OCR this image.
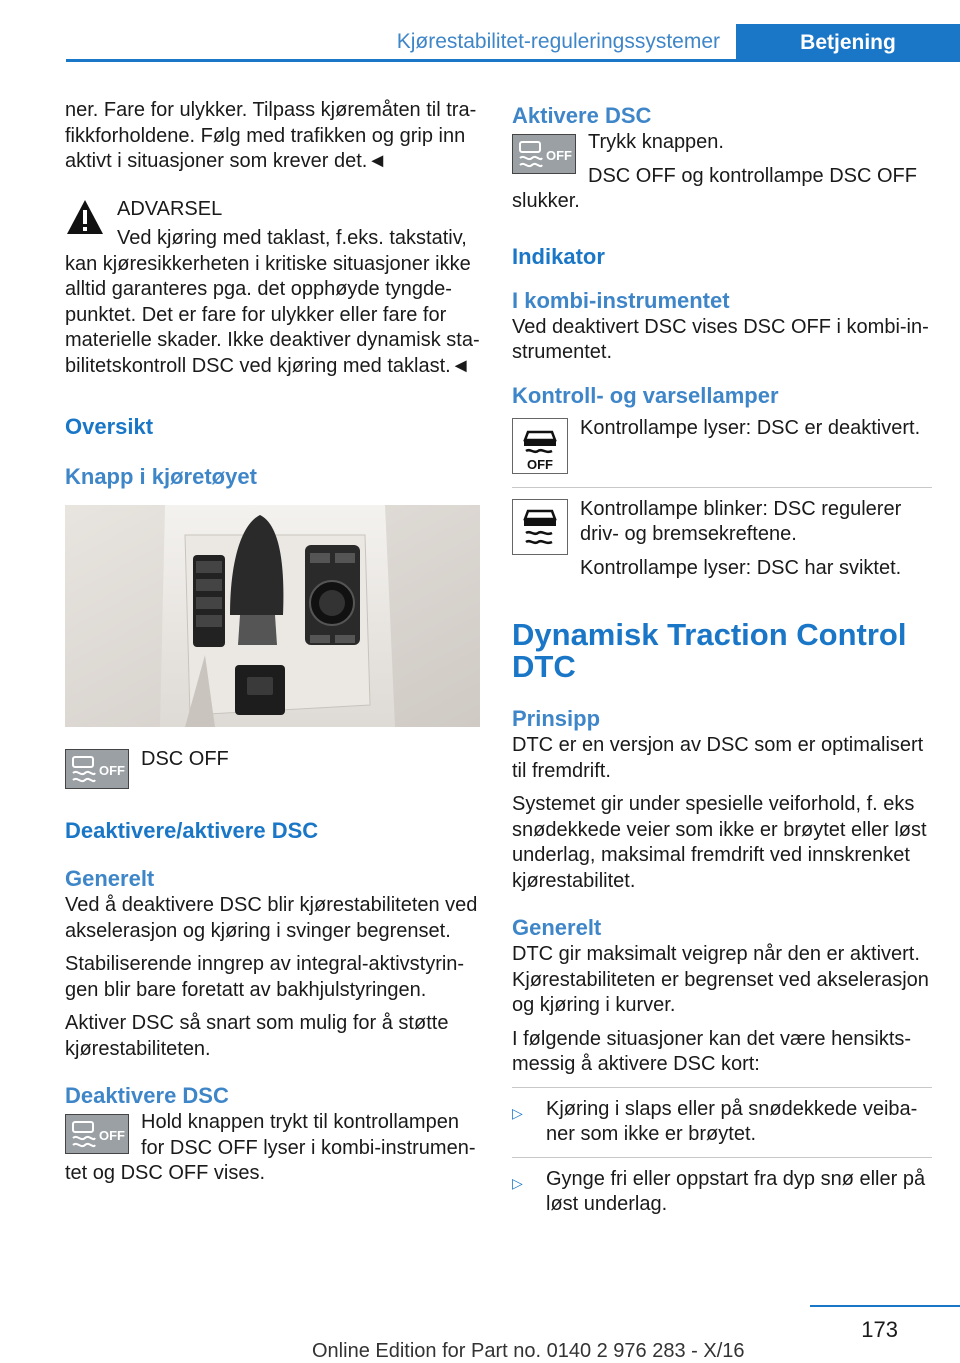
Kjørestabilitet-reguleringssystemer	Betjening

ner. Fare for ulykker. Tilpass kjøremåten til tra‐fikkforholdene. Følg med trafikken og grip inn aktivt i situasjoner som krever det.◄

ADVARSEL

Ved kjøring med taklast, f.eks. takstativ, kan kjøresikkerheten i kritiske situasjoner ikke alltid garanteres pga. det opphøyde tyngde‐punktet. Det er fare for ulykker eller fare for materielle skader. Ikke deaktiver dynamisk sta‐bilitetskontroll DSC ved kjøring med taklast.◄

Oversikt
Knapp i kjøretøyet
OFF

DSC OFF

Deaktivere/aktivere DSC
Generelt

Ved å deaktivere DSC blir kjørestabiliteten ved akselerasjon og kjøring i svinger begrenset.

Stabiliserende inngrep av integral-aktivstyrin‐gen blir bare foretatt av bakhjulstyringen.

Aktiver DSC så snart som mulig for å støtte kjørestabiliteten.

Deaktivere DSC
OFF

Hold knappen trykt til kontrollampen for DSC OFF lyser i kombi-instrumen‐tet og DSC OFF vises.

Aktivere DSC
OFF

Trykk knappen.

DSC OFF og kontrollampe DSC OFF slukker.

Indikator
I kombi-instrumentet

Ved deaktivert DSC vises DSC OFF i kombi-in‐strumentet.

Kontroll- og varsellamper
OFF

Kontrollampe lyser: DSC er deaktivert.

Kontrollampe blinker: DSC regulerer driv- og bremsekreftene.

Kontrollampe lyser: DSC har sviktet.

Dynamisk Traction Control DTC
Prinsipp

DTC er en versjon av DSC som er optimalisert til fremdrift.

Systemet gir under spesielle veiforhold, f. eks snødekkede veier som ikke er brøytet eller løst underlag, maksimal fremdrift ved innskrenket kjørestabilitet.

Generelt

DTC gir maksimalt veigrep når den er aktivert. Kjørestabiliteten er begrenset ved akselerasjon og kjøring i kurver.

I følgende situasjoner kan det være hensikts‐messig å aktivere DSC kort:

▷ Kjøring i slaps eller på snødekkede veiba‐ner som ikke er brøytet.
▷ Gynge fri eller oppstart fra dyp snø eller på løst underlag.
173
Online Edition for Part no. 0140 2 976 283 - X/16
